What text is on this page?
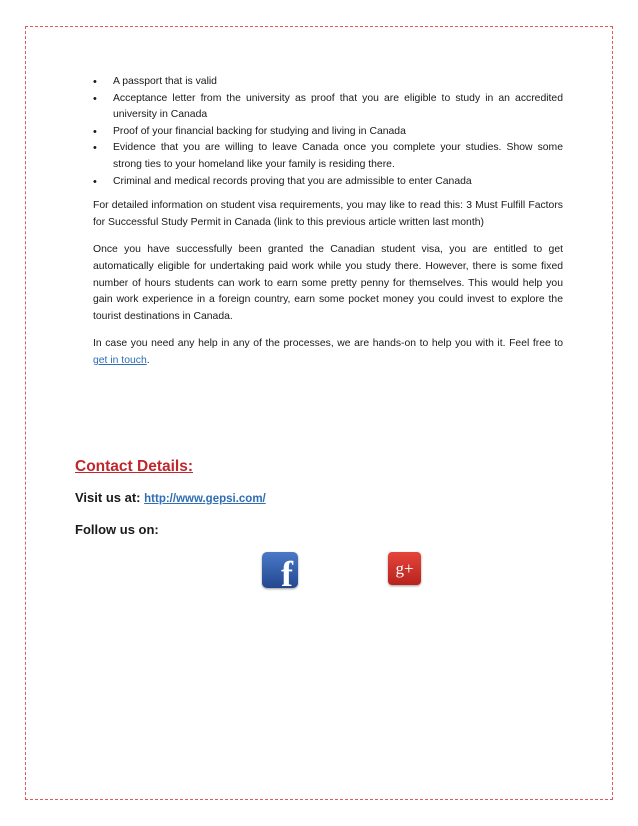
• A passport that is valid
• Acceptance letter from the university as proof that you are eligible to study in an accredited university in Canada
• Proof of your financial backing for studying and living in Canada
• Evidence that you are willing to leave Canada once you complete your studies. Show some strong ties to your homeland like your family is residing there.
• Criminal and medical records proving that you are admissible to enter Canada

For detailed information on student visa requirements, you may like to read this: 3 Must Fulfill Factors for Successful Study Permit in Canada (link to this previous article written last month)

Once you have successfully been granted the Canadian student visa, you are entitled to get automatically eligible for undertaking paid work while you study there. However, there is some fixed number of hours students can work to earn some pretty penny for themselves. This would help you gain work experience in a foreign country, earn some pocket money you could invest to explore the tourist destinations in Canada.

In case you need any help in any of the processes, we are hands-on to help you with it. Feel free to get in touch.

Contact Details:
Visit us at: http://www.gepsi.com/
Follow us on:
f	g+
